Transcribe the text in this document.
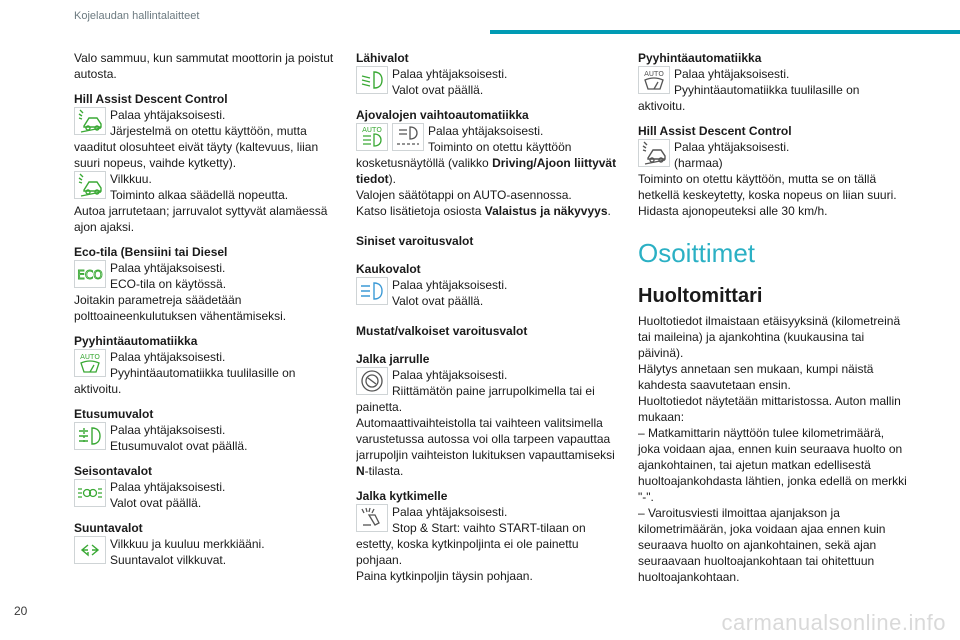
Kojelaudan hallintalaitteet

Valo sammuu, kun sammutat moottorin ja poistut autosta.

Hill Assist Descent Control

Palaa yhtäjaksoisesti.

Järjestelmä on otettu käyttöön, mutta vaaditut olosuhteet eivät täyty (kaltevuus, liian suuri nopeus, vaihde kytketty).

Vilkkuu.

Toiminto alkaa säädellä nopeutta.

Autoa jarrutetaan; jarruvalot syttyvät alamäessä ajon ajaksi.

Eco-tila (Bensiini tai Diesel

ECO Palaa yhtäjaksoisesti.

ECO-tila on käytössä.

Joitakin parametreja säädetään polttoaineenkulutuksen vähentämiseksi.

Pyyhintäautomatiikka

AUTO Palaa yhtäjaksoisesti.

Pyyhintäautomatiikka tuulilasille on aktivoitu.

Etusumuvalot

Palaa yhtäjaksoisesti.

Etusumuvalot ovat päällä.

Seisontavalot

Palaa yhtäjaksoisesti.

Valot ovat päällä.

Suuntavalot

Vilkkuu ja kuuluu merkkiääni.

Suuntavalot vilkkuvat.

Lähivalot

Palaa yhtäjaksoisesti.

Valot ovat päällä.

Ajovalojen vaihtoautomatiikka

AUTO	Palaa yhtäjaksoisesti.

Toiminto on otettu käyttöön kosketusnäytöllä (valikko Driving/Ajoon liittyvät tiedot).

Valojen säätötappi on AUTO-asennossa.

Katso lisätietoja osiosta Valaistus ja näkyvyys.

Siniset varoitusvalot

Kaukovalot

Palaa yhtäjaksoisesti.

Valot ovat päällä.

Mustat/valkoiset varoitusvalot

Jalka jarrulle

Palaa yhtäjaksoisesti.

Riittämätön paine jarrupolkimella tai ei painetta.

Automaattivaihteistolla tai vaihteen valitsimella varustetussa autossa voi olla tarpeen vapauttaa jarrupoljin vaihteiston lukituksen vapauttamiseksi N-tilasta.

Jalka kytkimelle

Palaa yhtäjaksoisesti.

Stop & Start: vaihto START-tilaan on estetty, koska kytkinpoljinta ei ole painettu pohjaan.

Paina kytkinpoljin täysin pohjaan.

Pyyhintäautomatiikka

AUTO Palaa yhtäjaksoisesti.

Pyyhintäautomatiikka tuulilasille on aktivoitu.

Hill Assist Descent Control

Palaa yhtäjaksoisesti.

(harmaa)

Toiminto on otettu käyttöön, mutta se on tällä hetkellä keskeytetty, koska nopeus on liian suuri. Hidasta ajonopeuteksi alle 30 km/h.

Osoittimet

Huoltomittari

Huoltotiedot ilmaistaan etäisyyksinä (kilometreinä tai maileina) ja ajankohtina (kuukausina tai päivinä).

Hälytys annetaan sen mukaan, kumpi näistä kahdesta saavutetaan ensin.

Huoltotiedot näytetään mittaristossa. Auton mallin mukaan:

– Matkamittarin näyttöön tulee kilometrimäärä, joka voidaan ajaa, ennen kuin seuraava huolto on ajankohtainen, tai ajetun matkan edellisestä huoltoajankohdasta lähtien, jonka edellä on merkki "-".

– Varoitusviesti ilmoittaa ajanjakson ja kilometrimäärän, joka voidaan ajaa ennen kuin seuraava huolto on ajankohtainen, sekä ajan seuraavaan huoltoajankohtaan tai ohitettuun huoltoajankohtaan.

20	carmanualsonline.info
